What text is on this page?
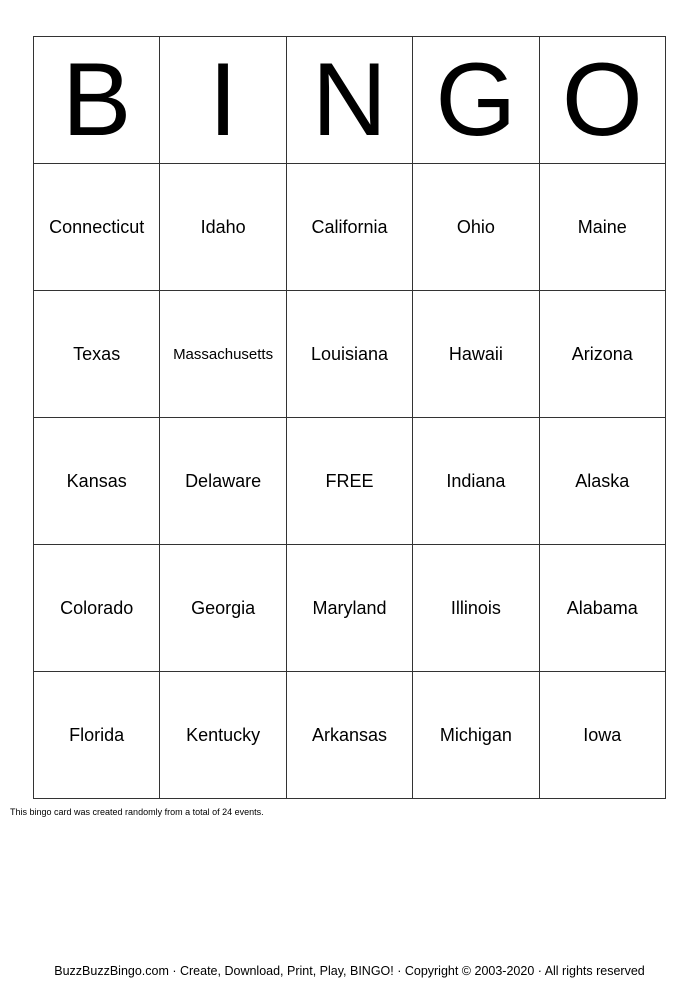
B	I	N	G	O
Connecticut	Idaho	California	Ohio	Maine
Texas	Massachusetts	Louisiana	Hawaii	Arizona
Kansas	Delaware	FREE	Indiana	Alaska
Colorado	Georgia	Maryland	Illinois	Alabama
Florida	Kentucky	Arkansas	Michigan	Iowa
This bingo card was created randomly from a total of 24 events.
BuzzBuzzBingo.com · Create, Download, Print, Play, BINGO! · Copyright © 2003-2020 · All rights reserved
